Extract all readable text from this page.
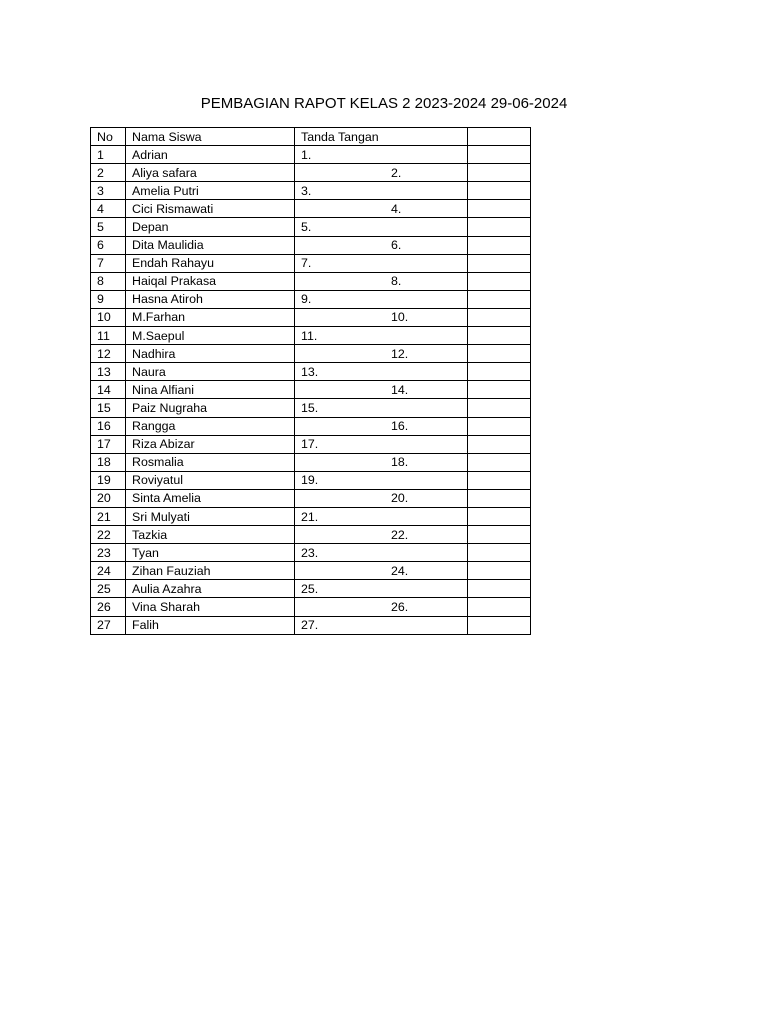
PEMBAGIAN RAPOT KELAS 2 2023-2024 29-06-2024
No	Nama Siswa	Tanda Tangan	
1	Adrian	1.	
2	Aliya safara	2.	
3	Amelia Putri	3.	
4	Cici Rismawati	4.	
5	Depan	5.	
6	Dita Maulidia	6.	
7	Endah Rahayu	7.	
8	Haiqal Prakasa	8.	
9	Hasna Atiroh	9.	
10	M.Farhan	10.	
11	M.Saepul	11.	
12	Nadhira	12.	
13	Naura	13.	
14	Nina Alfiani	14.	
15	Paiz Nugraha	15.	
16	Rangga	16.	
17	Riza Abizar	17.	
18	Rosmalia	18.	
19	Roviyatul	19.	
20	Sinta Amelia	20.	
21	Sri Mulyati	21.	
22	Tazkia	22.	
23	Tyan	23.	
24	Zihan Fauziah	24.	
25	Aulia Azahra	25.	
26	Vina Sharah	26.	
27	Falih	27.	
